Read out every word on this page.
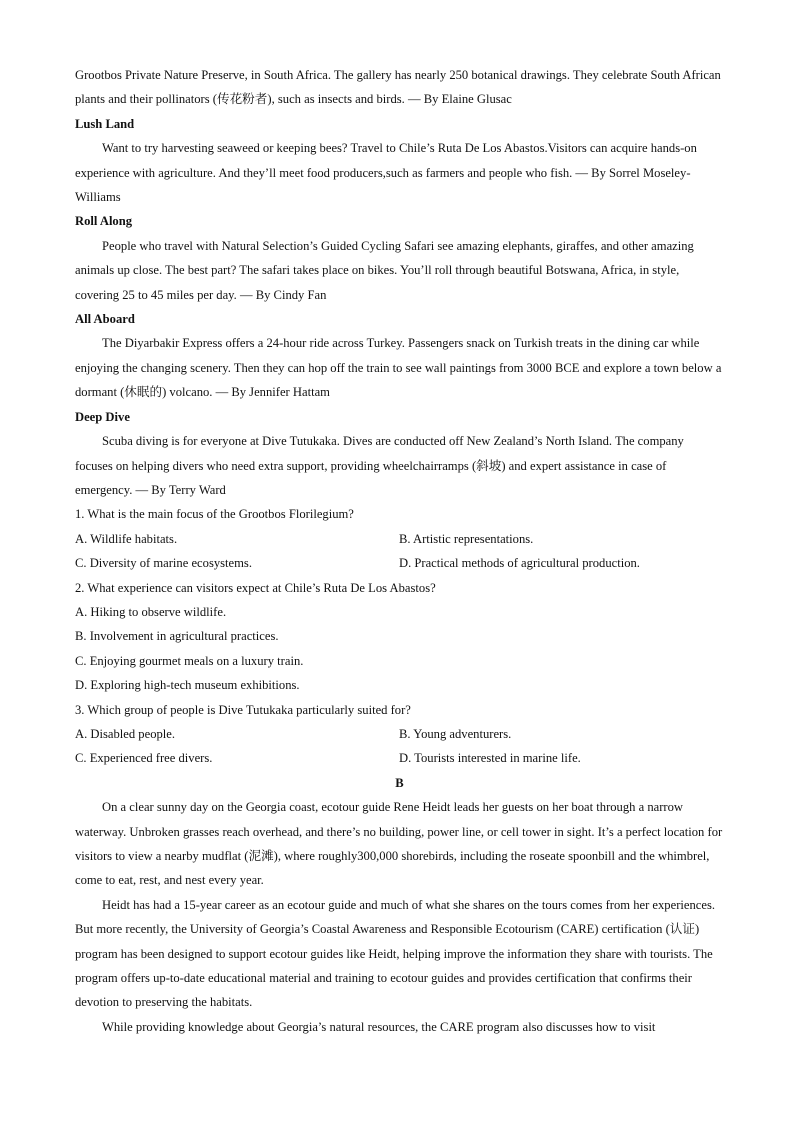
Grootbos Private Nature Preserve, in South Africa. The gallery has nearly 250 botanical drawings. They celebrate South African plants and their pollinators (传花粉者), such as insects and birds. — By Elaine Glusac

Lush Land

Want to try harvesting seaweed or keeping bees? Travel to Chile’s Ruta De Los Abastos.Visitors can acquire hands-on experience with agriculture. And they’ll meet food producers,such as farmers and people who fish. — By Sorrel Moseley-Williams

Roll Along

People who travel with Natural Selection’s Guided Cycling Safari see amazing elephants, giraffes, and other amazing animals up close. The best part? The safari takes place on bikes. You’ll roll through beautiful Botswana, Africa, in style, covering 25 to 45 miles per day. — By Cindy Fan

All Aboard

The Diyarbakir Express offers a 24-hour ride across Turkey. Passengers snack on Turkish treats in the dining car while enjoying the changing scenery. Then they can hop off the train to see wall paintings from 3000 BCE and explore a town below a dormant (休眠的) volcano. — By Jennifer Hattam

Deep Dive

Scuba diving is for everyone at Dive Tutukaka. Dives are conducted off New Zealand’s North Island. The company focuses on helping divers who need extra support, providing wheelchairramps (斜坡) and expert assistance in case of emergency. — By Terry Ward

1. What is the main focus of the Grootbos Florilegium?

A. Wildlife habitats.	B. Artistic representations.
C. Diversity of marine ecosystems.	D. Practical methods of agricultural production.

2. What experience can visitors expect at Chile’s Ruta De Los Abastos?

A. Hiking to observe wildlife.

B. Involvement in agricultural practices.

C. Enjoying gourmet meals on a luxury train.

D. Exploring high-tech museum exhibitions.

3. Which group of people is Dive Tutukaka particularly suited for?

A. Disabled people.	B. Young adventurers.
C. Experienced free divers.	D. Tourists interested in marine life.

B

On a clear sunny day on the Georgia coast, ecotour guide Rene Heidt leads her guests on her boat through a narrow waterway. Unbroken grasses reach overhead, and there’s no building, power line, or cell tower in sight. It’s a perfect location for visitors to view a nearby mudflat (泥滩), where roughly300,000 shorebirds, including the roseate spoonbill and the whimbrel, come to eat, rest, and nest every year.

Heidt has had a 15-year career as an ecotour guide and much of what she shares on the tours comes from her experiences. But more recently, the University of Georgia’s Coastal Awareness and Responsible Ecotourism (CARE) certification (认证) program has been designed to support ecotour guides like Heidt, helping improve the information they share with tourists. The program offers up-to-date educational material and training to ecotour guides and provides certification that confirms their devotion to preserving the habitats.

While providing knowledge about Georgia’s natural resources, the CARE program also discusses how to visit
